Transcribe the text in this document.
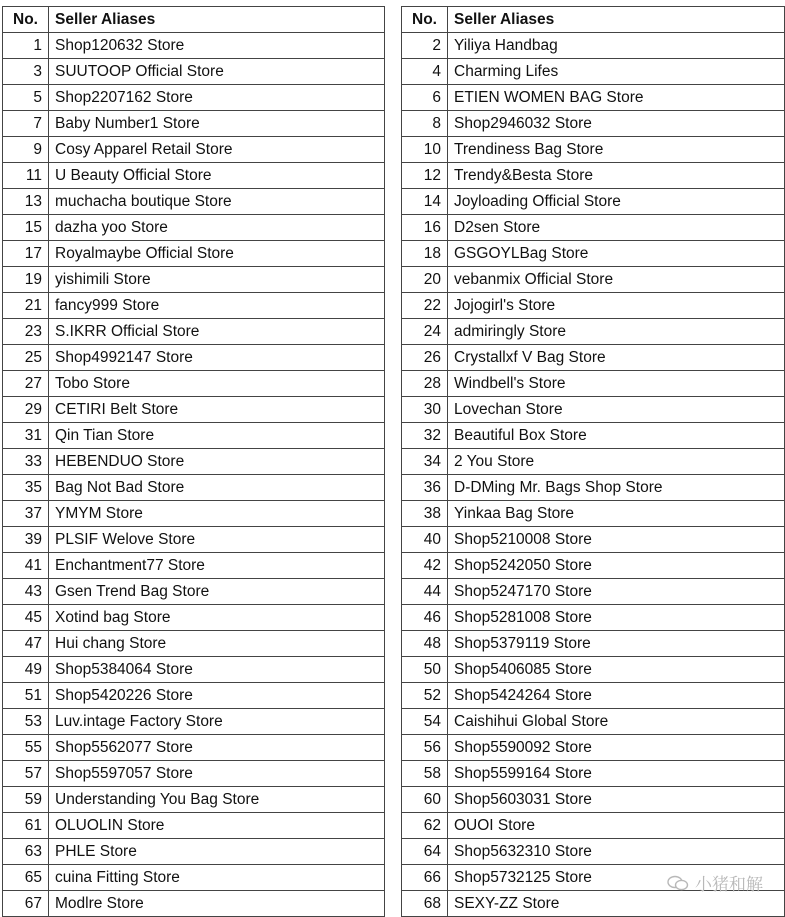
No.	Seller Aliases
1	Shop120632 Store
3	SUUTOOP Official Store
5	Shop2207162 Store
7	Baby Number1 Store
9	Cosy Apparel Retail Store
11	U Beauty Official Store
13	muchacha boutique Store
15	dazha yoo Store
17	Royalmaybe Official Store
19	yishimili Store
21	fancy999 Store
23	S.IKRR Official Store
25	Shop4992147 Store
27	Tobo Store
29	CETIRI Belt Store
31	Qin Tian Store
33	HEBENDUO Store
35	Bag Not Bad Store
37	YMYM Store
39	PLSIF Welove Store
41	Enchantment77 Store
43	Gsen Trend Bag Store
45	Xotind bag Store
47	Hui chang Store
49	Shop5384064 Store
51	Shop5420226 Store
53	Luv.intage Factory Store
55	Shop5562077 Store
57	Shop5597057 Store
59	Understanding You Bag Store
61	OLUOLIN Store
63	PHLE Store
65	cuina Fitting Store
67	Modlre Store
No.	Seller Aliases
2	Yiliya Handbag
4	Charming Lifes
6	ETIEN WOMEN BAG Store
8	Shop2946032 Store
10	Trendiness Bag Store
12	Trendy&Besta Store
14	Joyloading Official Store
16	D2sen Store
18	GSGOYLBag Store
20	vebanmix Official Store
22	Jojogirl's Store
24	admiringly Store
26	Crystallxf V Bag Store
28	Windbell's Store
30	Lovechan Store
32	Beautiful Box Store
34	2 You Store
36	D-DMing Mr. Bags Shop Store
38	Yinkaa Bag Store
40	Shop5210008 Store
42	Shop5242050 Store
44	Shop5247170 Store
46	Shop5281008 Store
48	Shop5379119 Store
50	Shop5406085 Store
52	Shop5424264 Store
54	Caishihui Global Store
56	Shop5590092 Store
58	Shop5599164 Store
60	Shop5603031 Store
62	OUOI Store
64	Shop5632310 Store
66	Shop5732125 Store
68	SEXY-ZZ Store
小猪和解
